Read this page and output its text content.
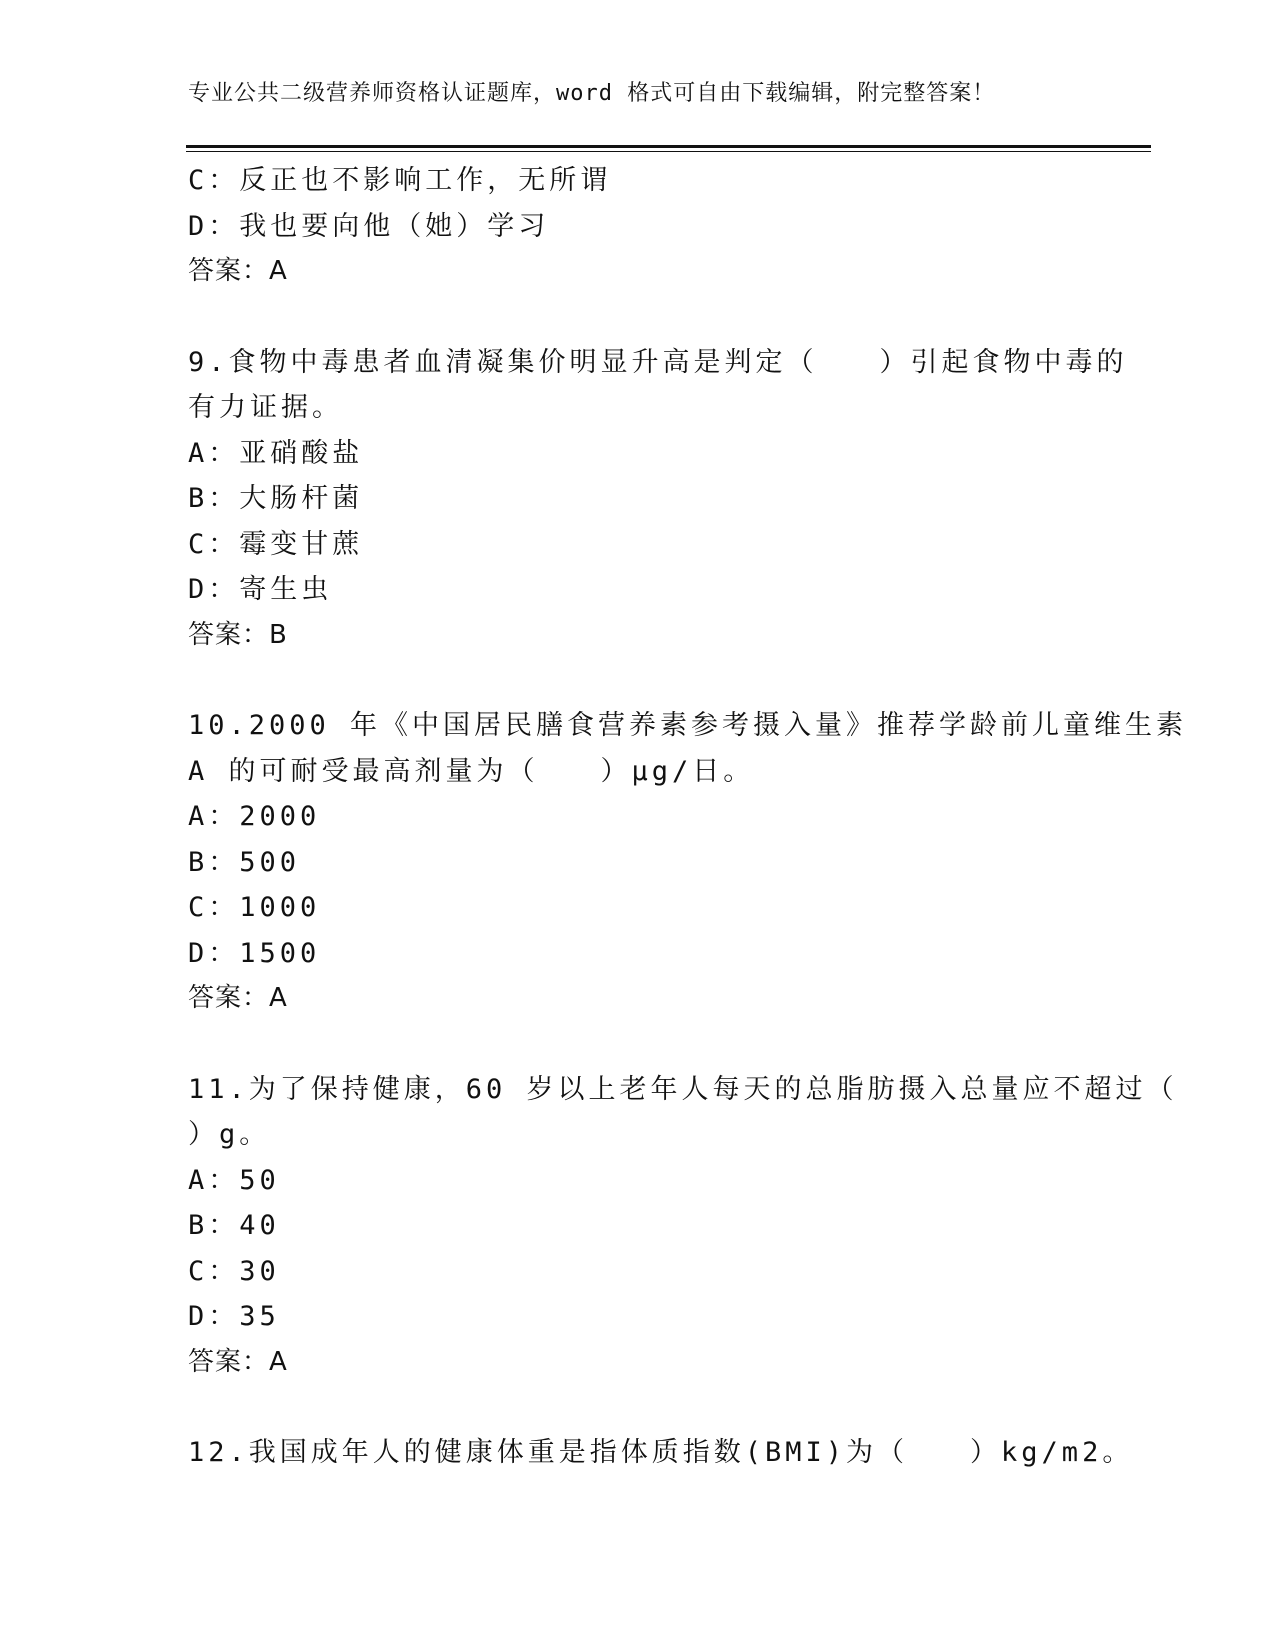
专业公共二级营养师资格认证题库，word 格式可自由下载编辑，附完整答案！
C：反正也不影响工作，无所谓
D：我也要向他（她）学习
答案：A
9.食物中毒患者血清凝集价明显升高是判定（　　）引起食物中毒的
有力证据。
A：亚硝酸盐
B：大肠杆菌
C：霉变甘蔗
D：寄生虫
答案：B
10.2000 年《中国居民膳食营养素参考摄入量》推荐学龄前儿童维生素
A 的可耐受最高剂量为（　　）μg/日。
A：2000
B：500
C：1000
D：1500
答案：A
11.为了保持健康，60 岁以上老年人每天的总脂肪摄入总量应不超过（
）g。
A：50
B：40
C：30
D：35
答案：A
12.我国成年人的健康体重是指体质指数(BMI)为（　　）kg/m2。
